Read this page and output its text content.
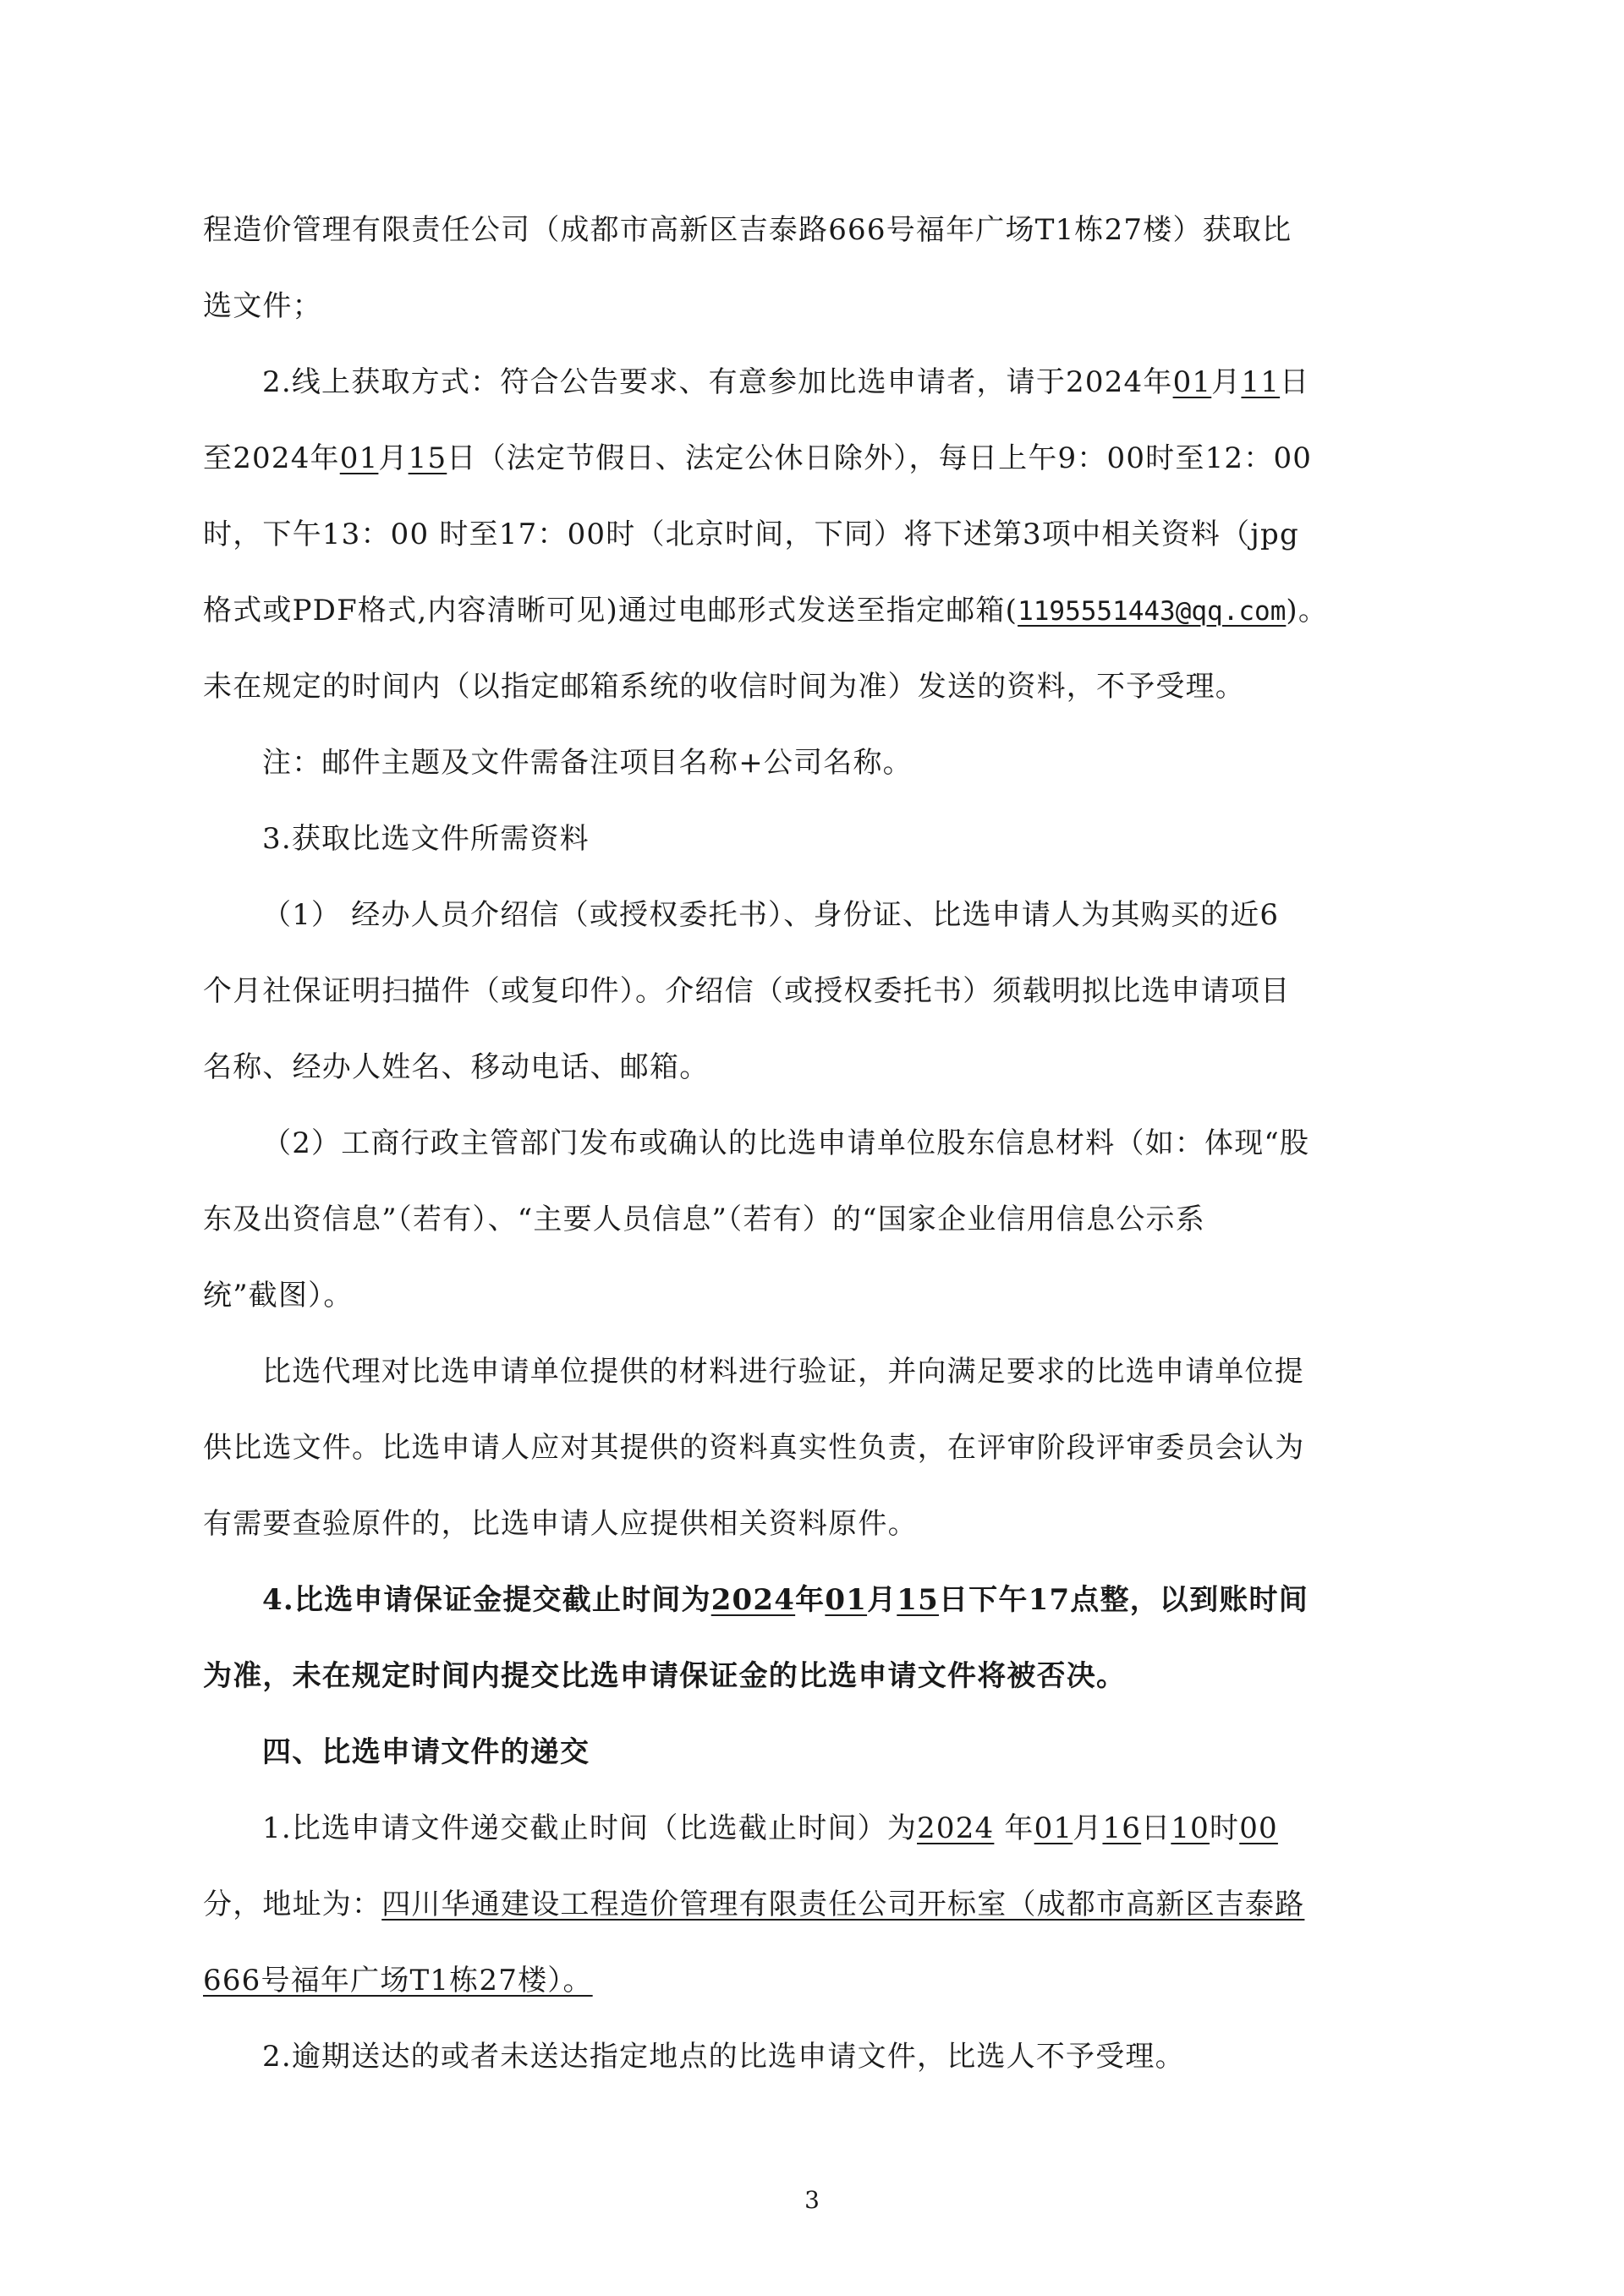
程造价管理有限责任公司（成都市高新区吉泰路666号福年广场T1栋27楼）获取比
选文件；
2.线上获取方式：符合公告要求、有意参加比选申请者，请于2024年01月11日
至2024年01月15日（法定节假日、法定公休日除外），每日上午9：00时至12：00
时，下午13：00 时至17：00时（北京时间，下同）将下述第3项中相关资料（jpg
格式或PDF格式,内容清晰可见)通过电邮形式发送至指定邮箱(1195551443@qq.com)。
未在规定的时间内（以指定邮箱系统的收信时间为准）发送的资料，不予受理。
注：邮件主题及文件需备注项目名称+公司名称。
3.获取比选文件所需资料
（1） 经办人员介绍信（或授权委托书）、身份证、比选申请人为其购买的近6
个月社保证明扫描件（或复印件）。介绍信（或授权委托书）须载明拟比选申请项目
名称、经办人姓名、移动电话、邮箱。
（2）工商行政主管部门发布或确认的比选申请单位股东信息材料（如：体现“股
东及出资信息”（若有）、“主要人员信息”（若有）的“国家企业信用信息公示系
统”截图）。
比选代理对比选申请单位提供的材料进行验证，并向满足要求的比选申请单位提
供比选文件。比选申请人应对其提供的资料真实性负责，在评审阶段评审委员会认为
有需要查验原件的，比选申请人应提供相关资料原件。
4.比选申请保证金提交截止时间为2024年01月15日下午17点整，以到账时间
为准，未在规定时间内提交比选申请保证金的比选申请文件将被否决。
四、比选申请文件的递交
1.比选申请文件递交截止时间（比选截止时间）为2024 年01月16日10时00
分，地址为：四川华通建设工程造价管理有限责任公司开标室（成都市高新区吉泰路
666号福年广场T1栋27楼）。
2.逾期送达的或者未送达指定地点的比选申请文件，比选人不予受理。
3
